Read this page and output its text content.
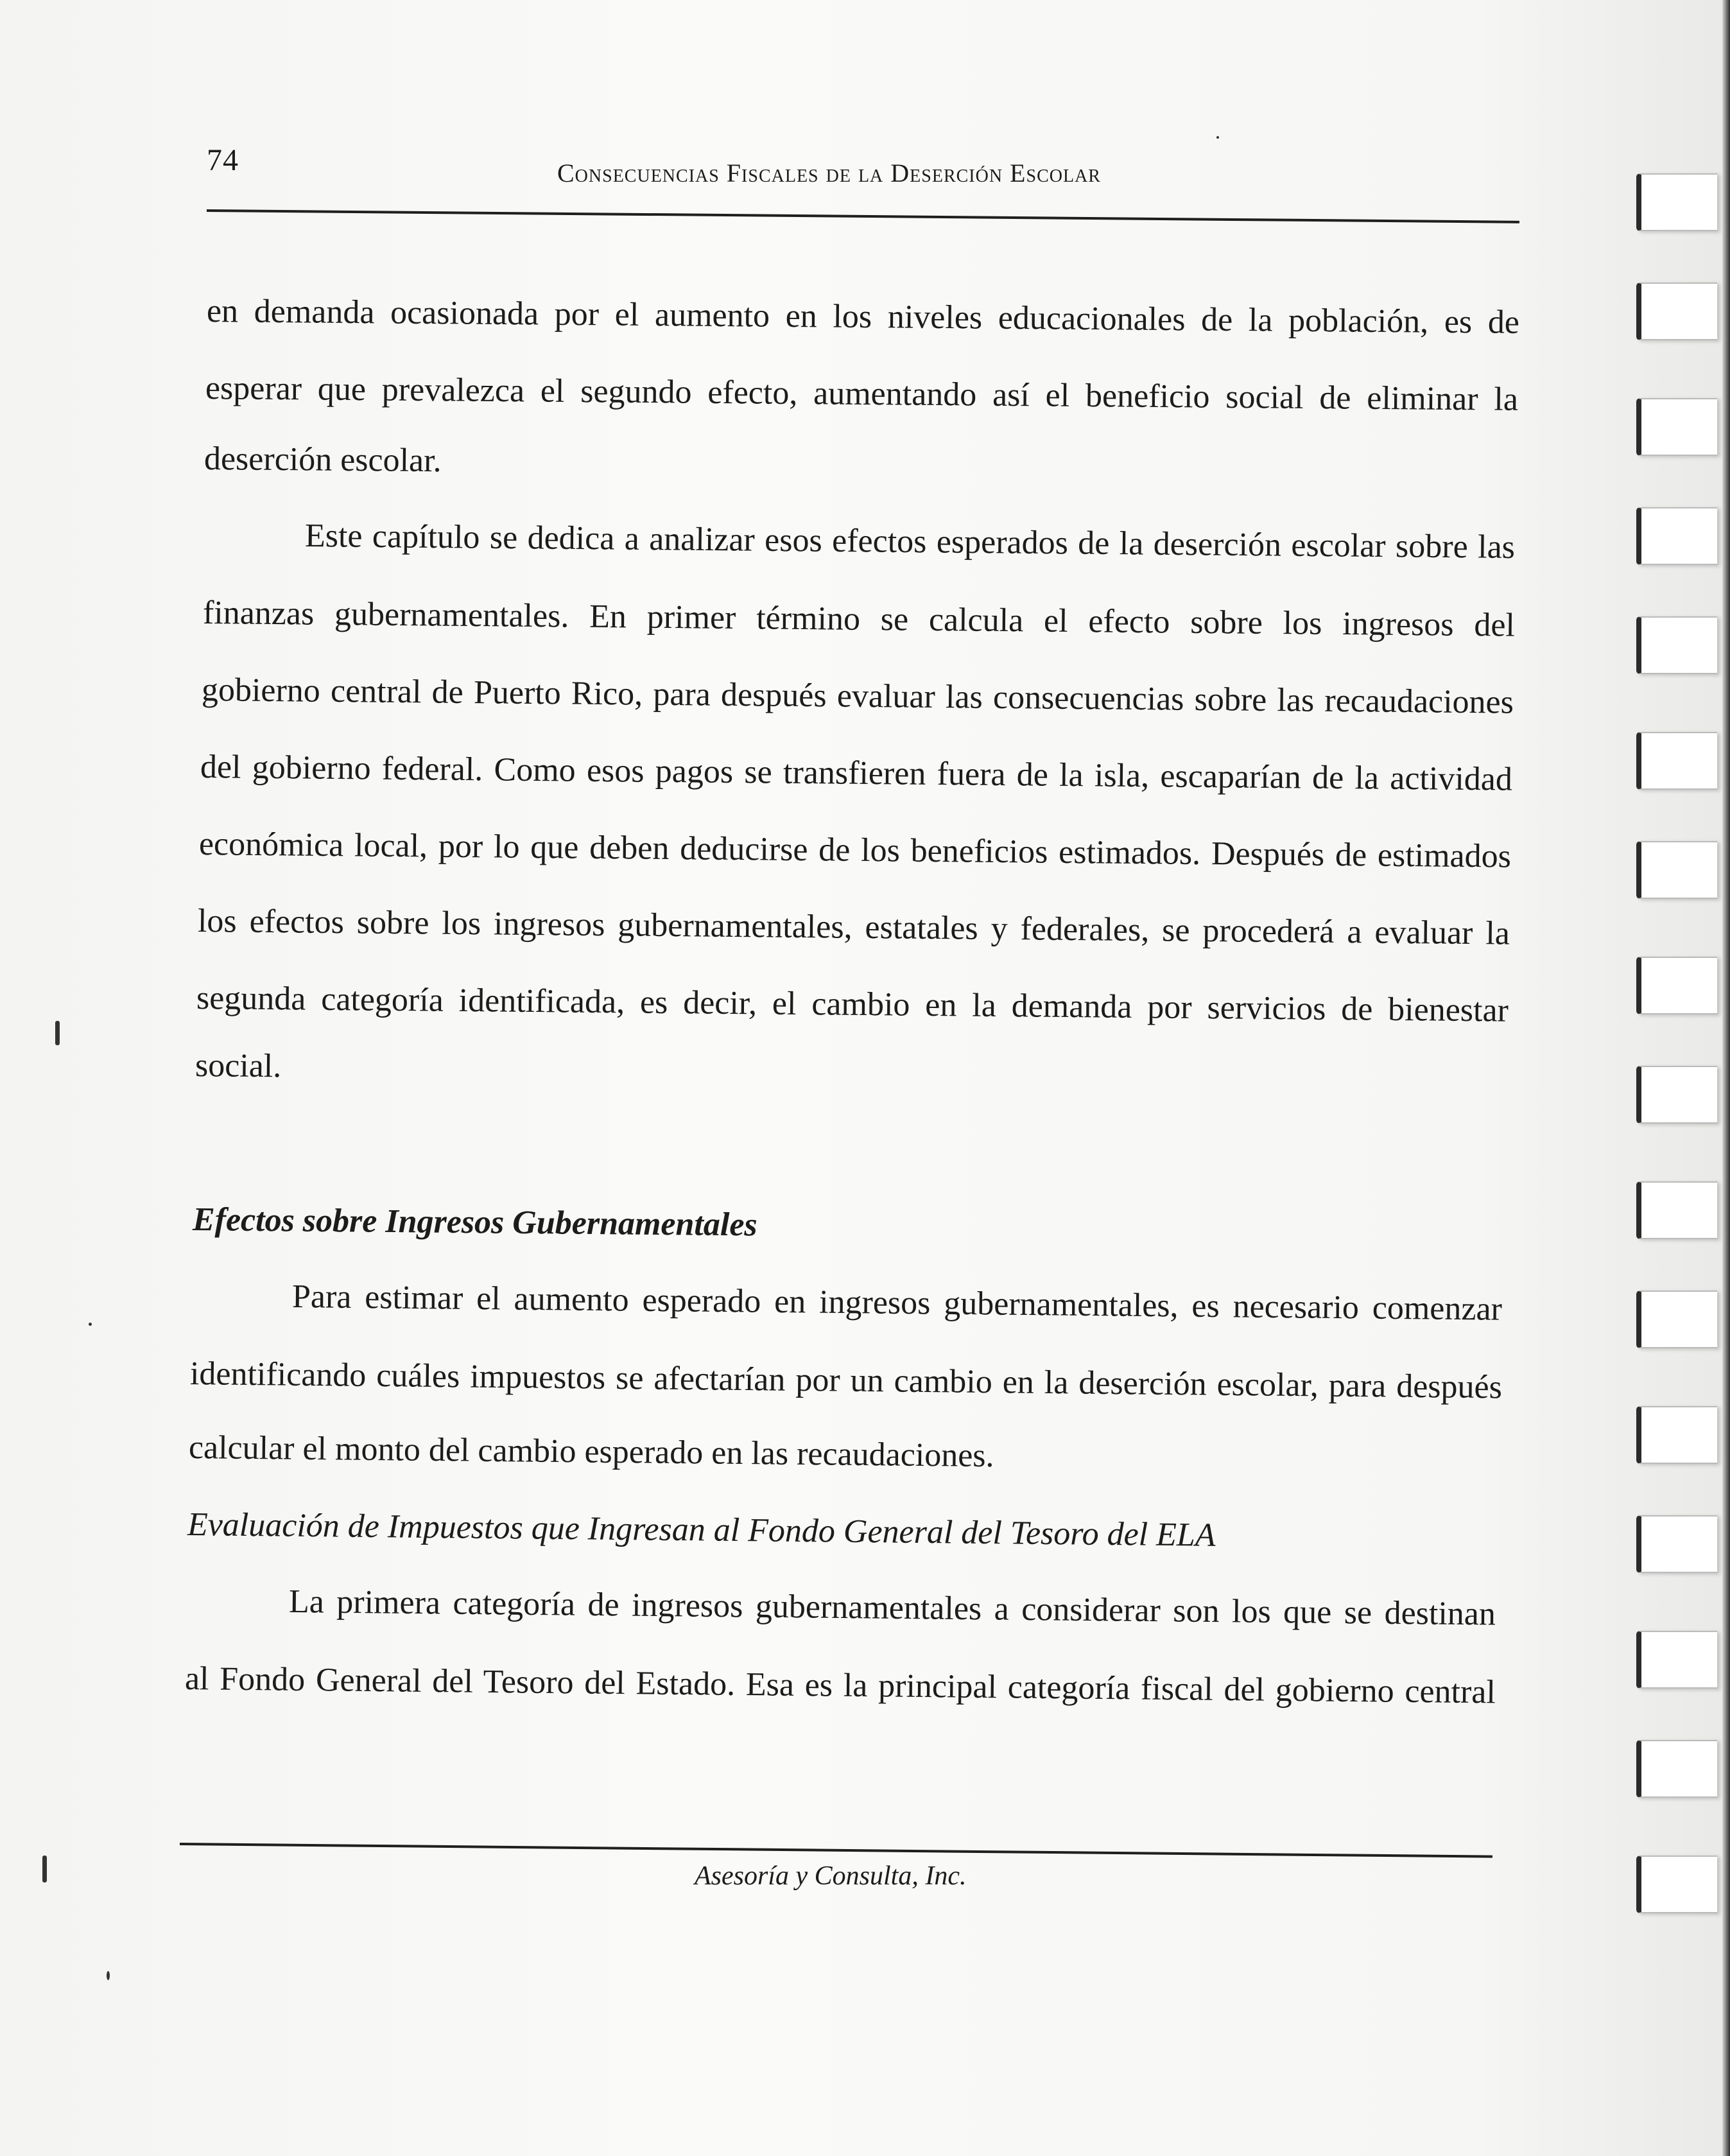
74	Consecuencias Fiscales de la Deserción Escolar
en demanda ocasionada por el aumento en los niveles educacionales de la población, es de
esperar que prevalezca el segundo efecto, aumentando así el beneficio social de eliminar la
deserción escolar.
Este capítulo se dedica a analizar esos efectos esperados de la deserción escolar sobre las
finanzas gubernamentales. En primer término se calcula el efecto sobre los ingresos del
gobierno central de Puerto Rico, para después evaluar las consecuencias sobre las recaudaciones
del gobierno federal. Como esos pagos se transfieren fuera de la isla, escaparían de la actividad
económica local, por lo que deben deducirse de los beneficios estimados. Después de estimados
los efectos sobre los ingresos gubernamentales, estatales y federales, se procederá a evaluar la
segunda categoría identificada, es decir, el cambio en la demanda por servicios de bienestar
social.
Efectos sobre Ingresos Gubernamentales
Para estimar el aumento esperado en ingresos gubernamentales, es necesario comenzar
identificando cuáles impuestos se afectarían por un cambio en la deserción escolar, para después
calcular el monto del cambio esperado en las recaudaciones.
Evaluación de Impuestos que Ingresan al Fondo General del Tesoro del ELA
La primera categoría de ingresos gubernamentales a considerar son los que se destinan
al Fondo General del Tesoro del Estado. Esa es la principal categoría fiscal del gobierno central
Asesoría y Consulta, Inc.
